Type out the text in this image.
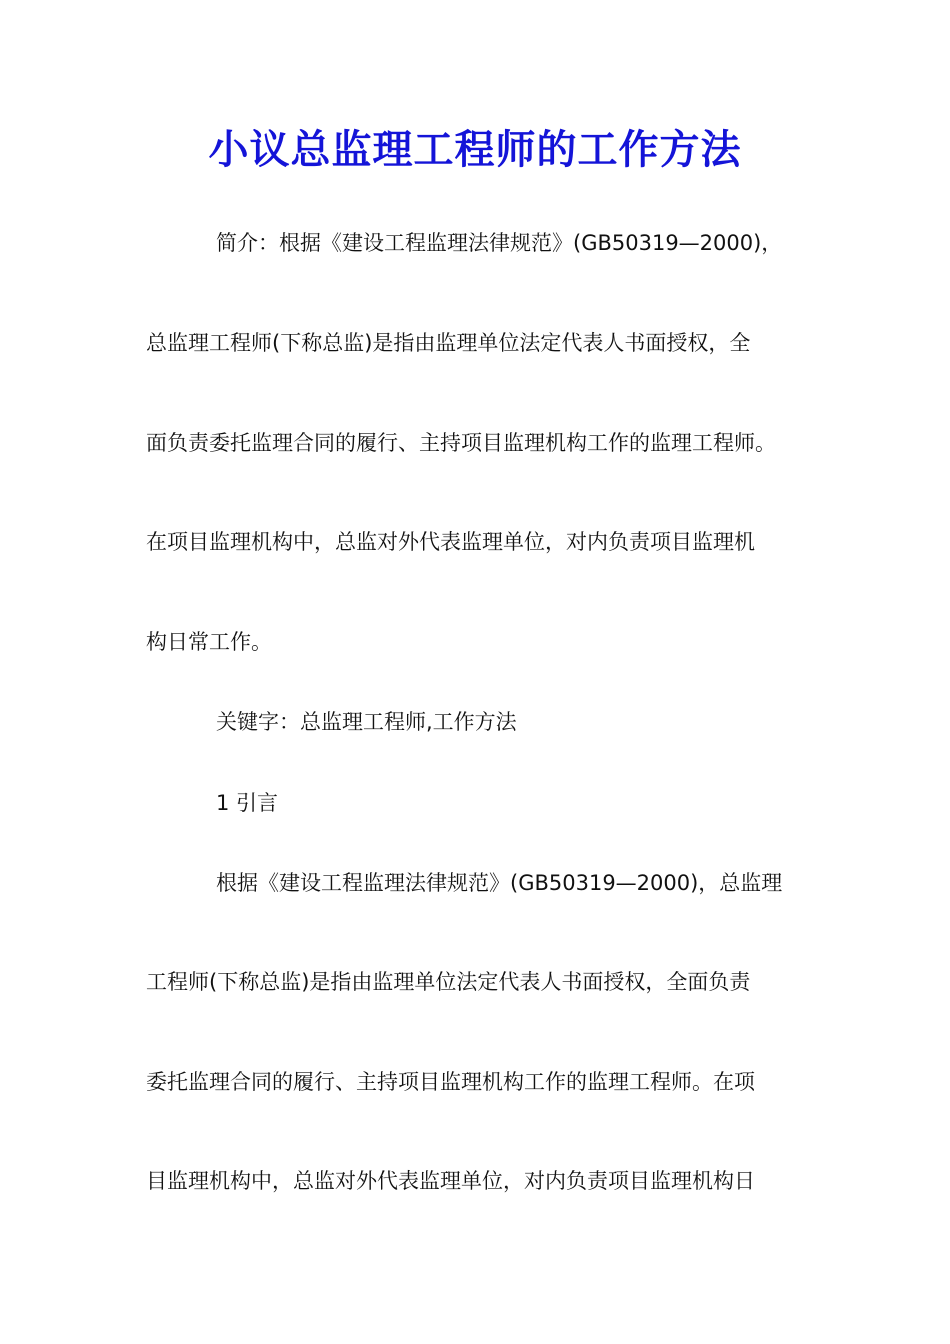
小议总监理工程师的工作方法

简介：根据《建设工程监理法律规范》(GB50319—2000)，

总监理工程师(下称总监)是指由监理单位法定代表人书面授权，全

面负责委托监理合同的履行、主持项目监理机构工作的监理工程师。

在项目监理机构中，总监对外代表监理单位，对内负责项目监理机

构日常工作。

关键字：总监理工程师,工作方法

1 引言

根据《建设工程监理法律规范》(GB50319—2000)，总监理

工程师(下称总监)是指由监理单位法定代表人书面授权，全面负责

委托监理合同的履行、主持项目监理机构工作的监理工程师。在项

目监理机构中，总监对外代表监理单位，对内负责项目监理机构日
